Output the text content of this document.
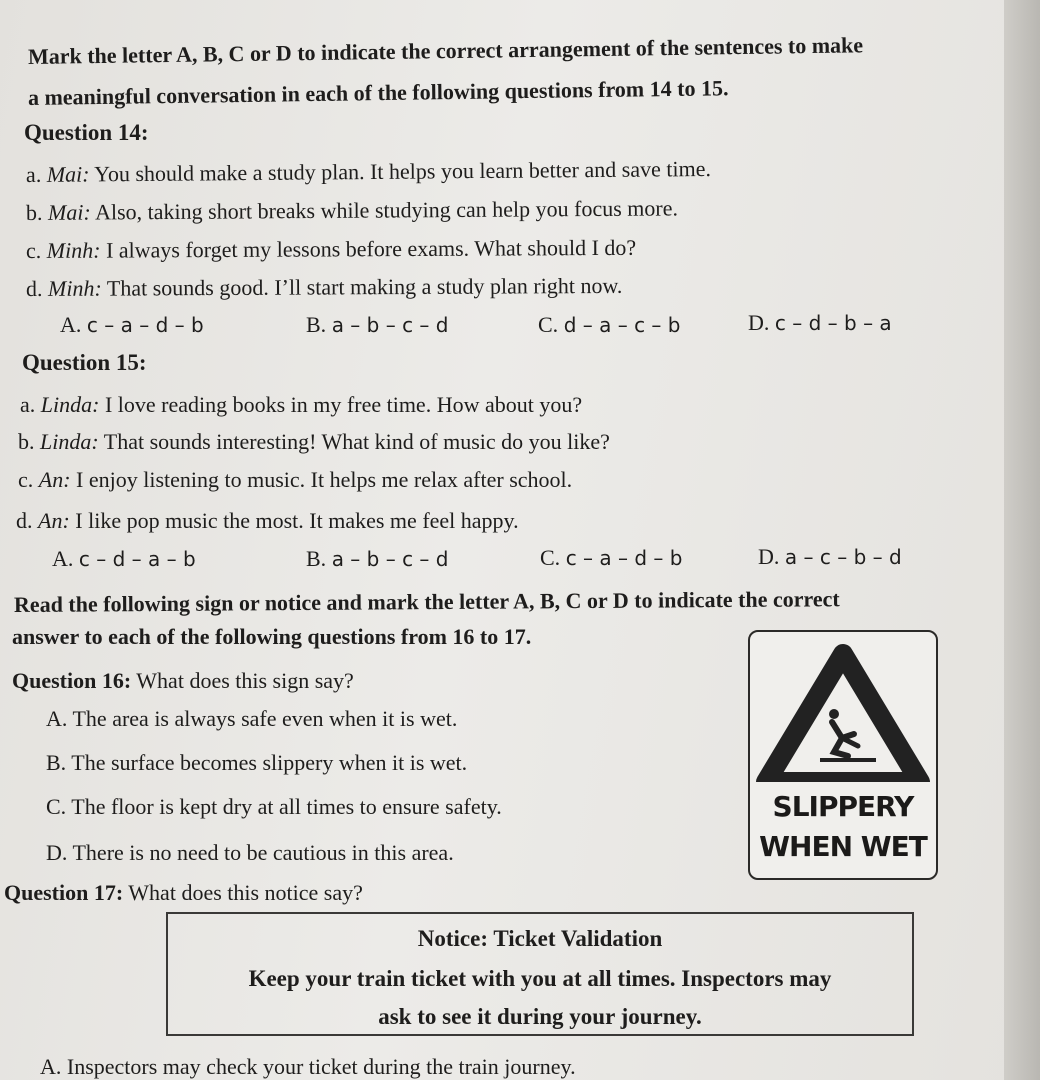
Mark the letter A, B, C or D to indicate the correct arrangement of the sentences to make
a meaningful conversation in each of the following questions from 14 to 15.
Question 14:
a. Mai: You should make a study plan. It helps you learn better and save time.
b. Mai: Also, taking short breaks while studying can help you focus more.
c. Minh: I always forget my lessons before exams. What should I do?
d. Minh: That sounds good. I’ll start making a study plan right now.
A. c – a – d – b	B. a – b – c – d	C. d – a – c – b	D. c – d – b – a
Question 15:
a. Linda: I love reading books in my free time. How about you?
b. Linda: That sounds interesting! What kind of music do you like?
c. An: I enjoy listening to music. It helps me relax after school.
d. An: I like pop music the most. It makes me feel happy.
A. c – d – a – b	B. a – b – c – d	C. c – a – d – b	D. a – c – b – d
Read the following sign or notice and mark the letter A, B, C or D to indicate the correct
answer to each of the following questions from 16 to 17.
Question 16: What does this sign say?
A. The area is always safe even when it is wet.
B. The surface becomes slippery when it is wet.
C. The floor is kept dry at all times to ensure safety.
D. There is no need to be cautious in this area.
SLIPPERY
WHEN WET
Question 17: What does this notice say?
Notice: Ticket Validation
Keep your train ticket with you at all times. Inspectors may
ask to see it during your journey.
A. Inspectors may check your ticket during the train journey.
